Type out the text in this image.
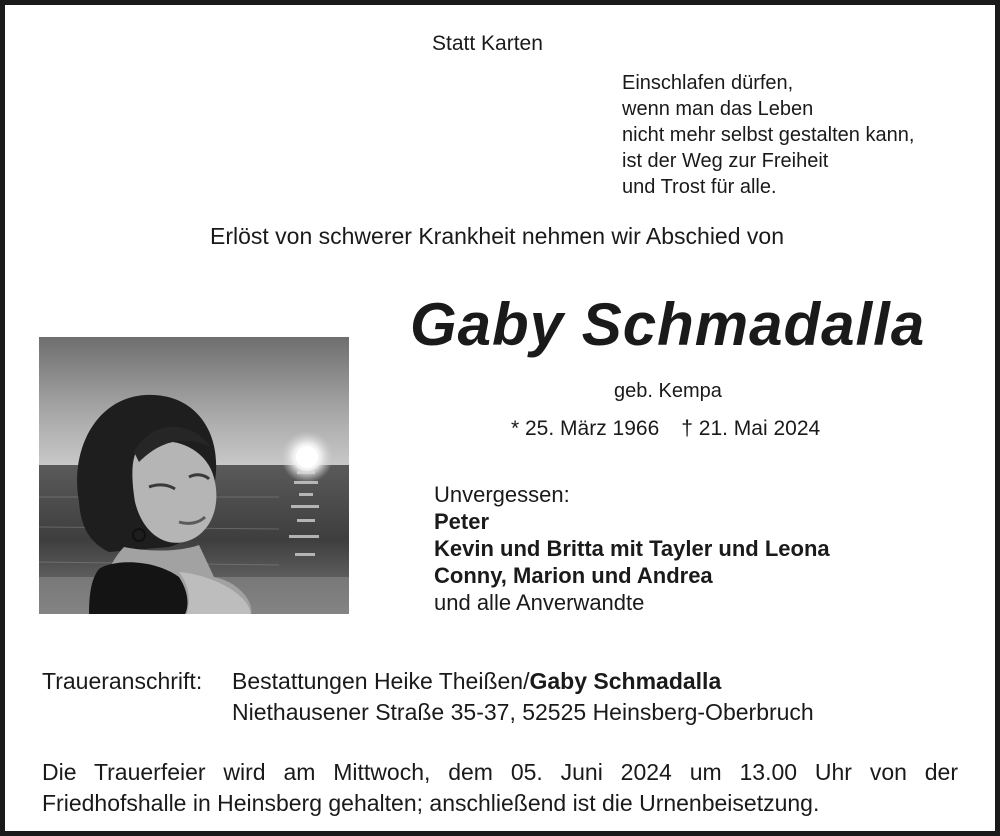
Statt Karten
Einschlafen dürfen,
wenn man das Leben
nicht mehr selbst gestalten kann,
ist der Weg zur Freiheit
und Trost für alle.
Erlöst von schwerer Krankheit nehmen wir Abschied von
Gaby Schmadalla
geb. Kempa
* 25. März 1966 † 21. Mai 2024
Unvergessen:
Peter
Kevin und Britta mit Tayler und Leona
Conny, Marion und Andrea
und alle Anverwandte
Traueranschrift:	Bestattungen Heike Theißen/Gaby Schmadalla
Niethausener Straße 35-37, 52525 Heinsberg-Oberbruch
Die Trauerfeier wird am Mittwoch, dem 05. Juni 2024 um 13.00 Uhr von der
Friedhofshalle in Heinsberg gehalten; anschließend ist die Urnenbeisetzung.
